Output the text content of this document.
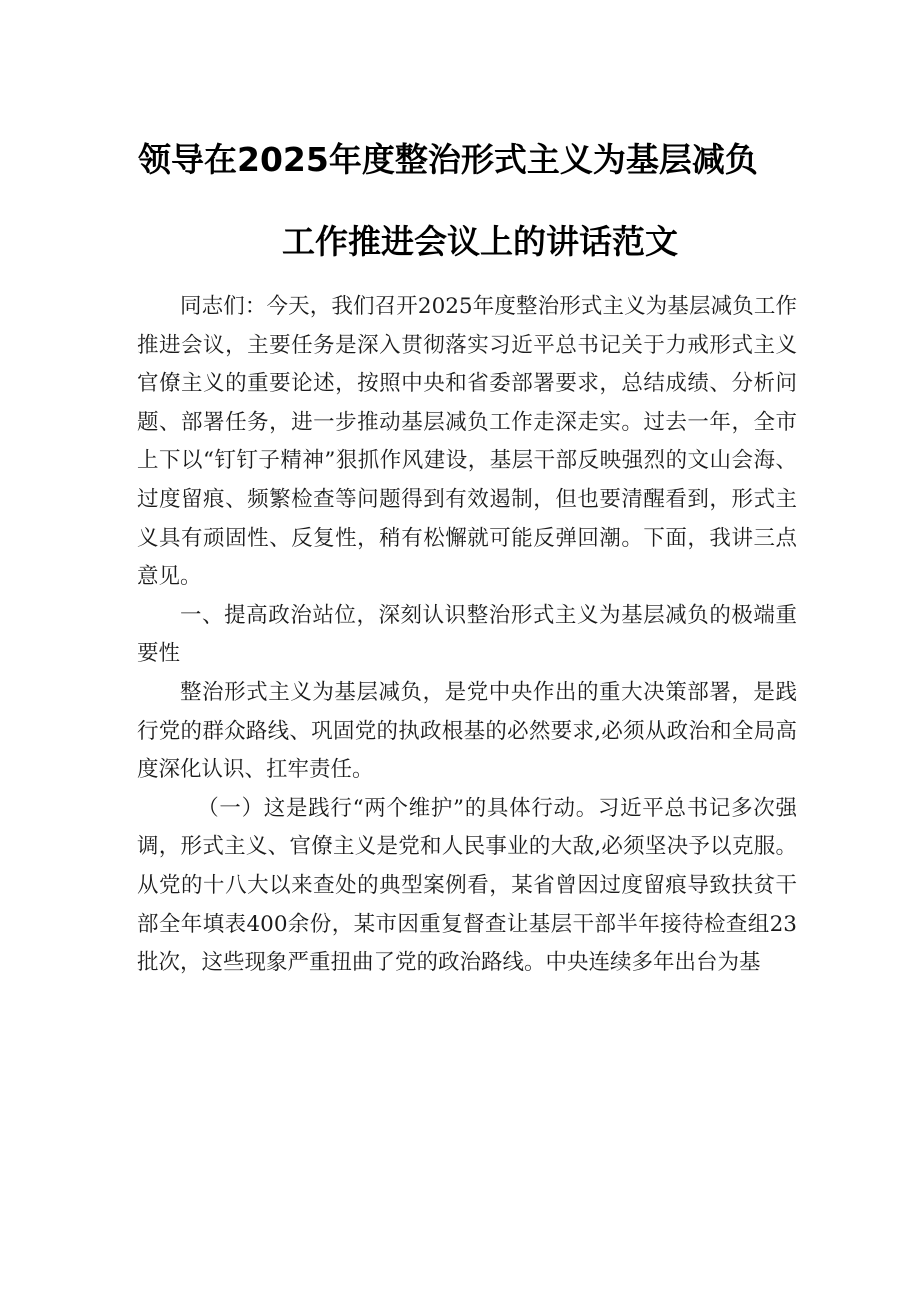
领导在2025年度整治形式主义为基层减负
工作推进会议上的讲话范文

同志们：今天，我们召开2025年度整治形式主义为基层减负工作推进会议，主要任务是深入贯彻落实习近平总书记关于力戒形式主义官僚主义的重要论述，按照中央和省委部署要求，总结成绩、分析问题、部署任务，进一步推动基层减负工作走深走实。过去一年，全市上下以“钉钉子精神”狠抓作风建设，基层干部反映强烈的文山会海、过度留痕、频繁检查等问题得到有效遏制，但也要清醒看到，形式主义具有顽固性、反复性，稍有松懈就可能反弹回潮。下面，我讲三点意见。

一、提高政治站位，深刻认识整治形式主义为基层减负的极端重要性

整治形式主义为基层减负，是党中央作出的重大决策部署，是践行党的群众路线、巩固党的执政根基的必然要求,必须从政治和全局高度深化认识、扛牢责任。

（一）这是践行“两个维护”的具体行动。习近平总书记多次强调，形式主义、官僚主义是党和人民事业的大敌,必须坚决予以克服。从党的十八大以来查处的典型案例看，某省曾因过度留痕导致扶贫干部全年填表400余份，某市因重复督查让基层干部半年接待检查组23批次，这些现象严重扭曲了党的政治路线。中央连续多年出台为基
